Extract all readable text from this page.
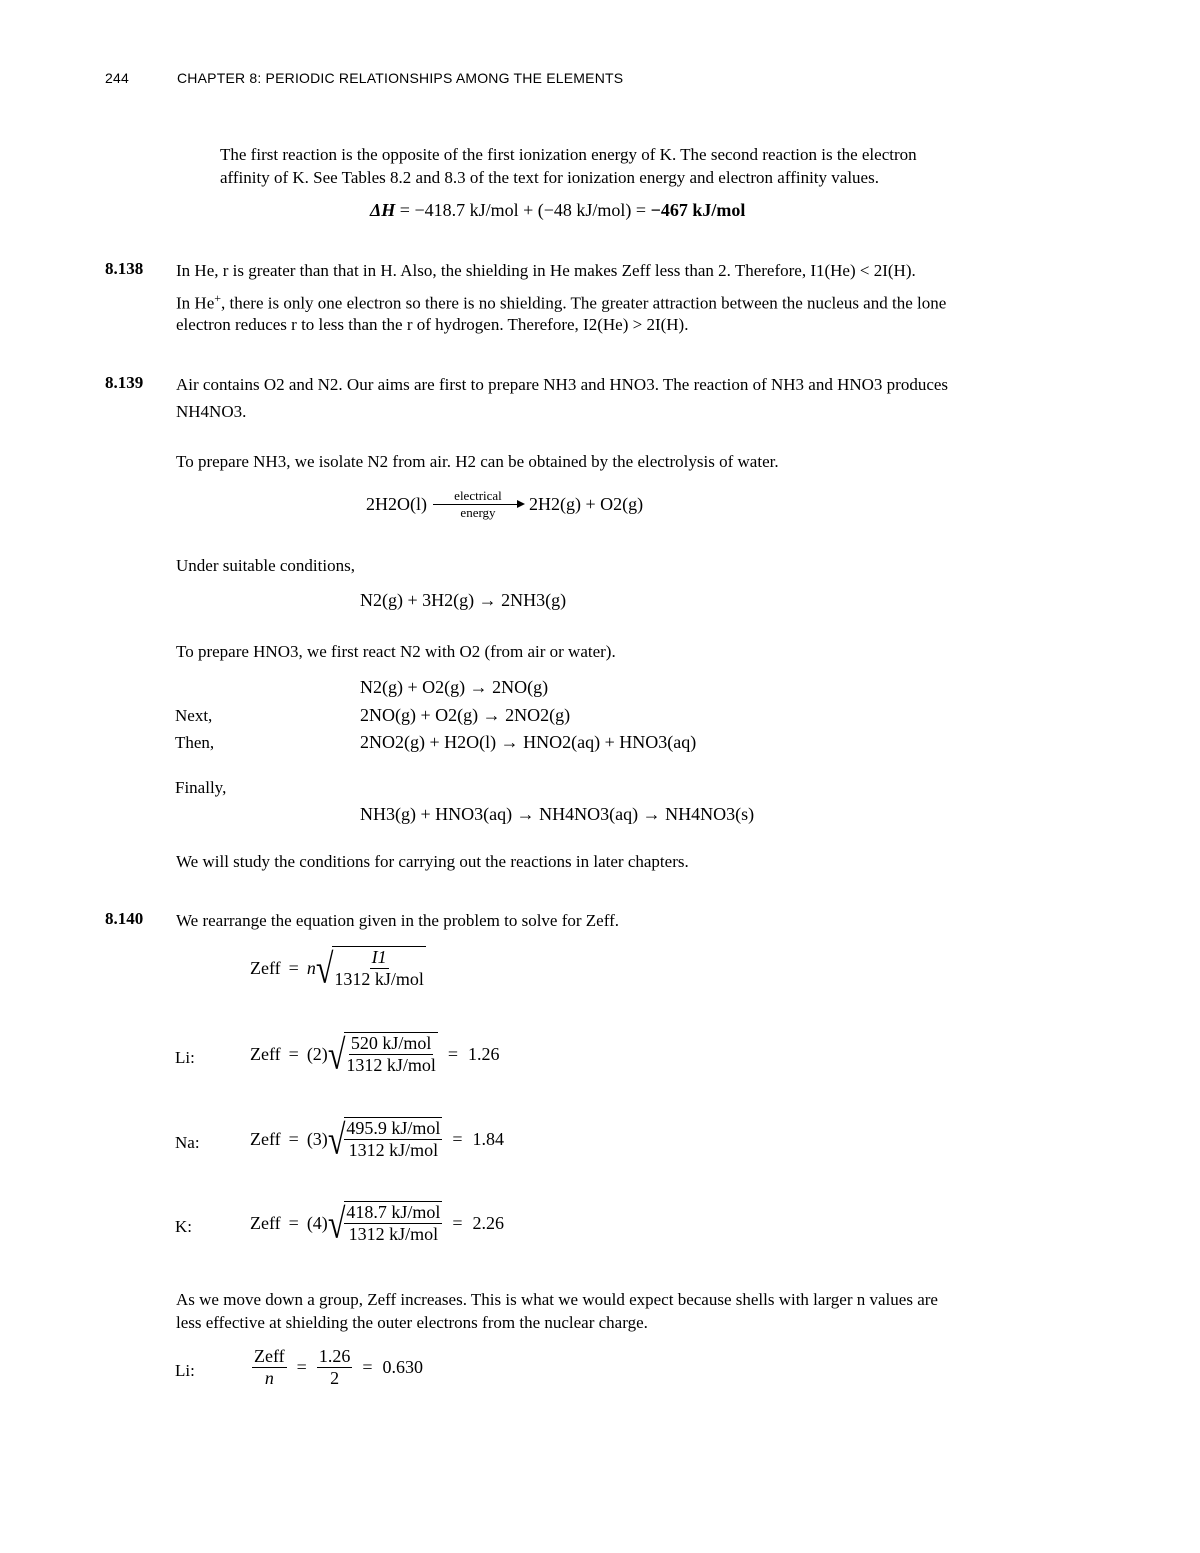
244	CHAPTER 8: PERIODIC RELATIONSHIPS AMONG THE ELEMENTS
The first reaction is the opposite of the first ionization energy of K. The second reaction is the electron
affinity of K. See Tables 8.2 and 8.3 of the text for ionization energy and electron affinity values.
ΔH = −418.7 kJ/mol + (−48 kJ/mol) = −467 kJ/mol
8.138 In He, r is greater than that in H. Also, the shielding in He makes Zeff less than 2. Therefore, I1(He) < 2I(H).
In He+, there is only one electron so there is no shielding. The greater attraction between the nucleus and the lone
electron reduces r to less than the r of hydrogen. Therefore, I2(He) > 2I(H).
8.139 Air contains O2 and N2. Our aims are first to prepare NH3 and HNO3. The reaction of NH3 and HNO3 produces
NH4NO3.
To prepare NH3, we isolate N2 from air. H2 can be obtained by the electrolysis of water.
2H2O(l) electrical
energy 2H2(g) + O2(g)
Under suitable conditions,
N2(g) + 3H2(g) → 2NH3(g)
To prepare HNO3, we first react N2 with O2 (from air or water).
N2(g) + O2(g) → 2NO(g)
Next,	2NO(g) + O2(g) → 2NO2(g)
Then,	2NO2(g) + H2O(l) → HNO2(aq) + HNO3(aq)
Finally,
NH3(g) + HNO3(aq) → NH4NO3(aq) → NH4NO3(s)
We will study the conditions for carrying out the reactions in later chapters.
8.140 We rearrange the equation given in the problem to solve for Zeff.
Zeff = n √ $\frac{I1}{\text{1312 kJ/mol}}$
Li:	Zeff = (2) √ $\frac{\text{520 kJ/mol}}{\text{1312 kJ/mol}} = 1.26$
Na:	Zeff = (3) √ $\frac{\text{495.9 kJ/mol}}{\text{1312 kJ/mol}} = 1.84$
K:	Zeff = (4) √ $\frac{\text{418.7 kJ/mol}}{\text{1312 kJ/mol}} = 2.26$
As we move down a group, Zeff increases. This is what we would expect because shells with larger n values are
less effective at shielding the outer electrons from the nuclear charge.
Li:	$\frac{\text{Zeff}}{n} = \frac{1.26}{2} = 0.630$
